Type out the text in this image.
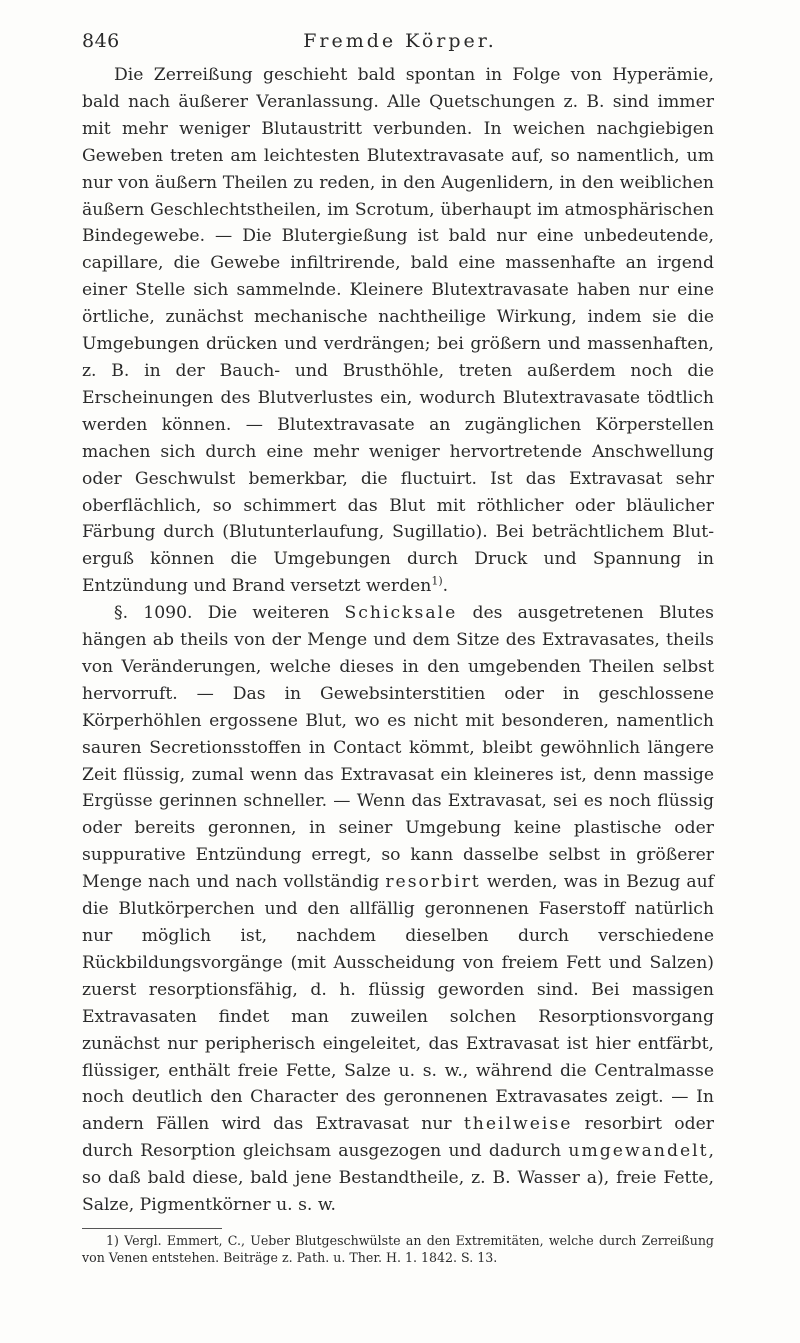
846	Fremde Körper.

Die Zerreißung geschieht bald spontan in Folge von Hyperämie, bald nach äußerer Veranlassung. Alle Quetschungen z. B. sind immer mit mehr weniger Blutaustritt verbunden. In weichen nachgiebigen Geweben treten am leichtesten Blutextravasate auf, so namentlich, um nur von äußern Theilen zu reden, in den Augenlidern, in den weiblichen äußern Geschlechtstheilen, im Scrotum, überhaupt im atmosphärischen Bindegewebe. — Die Blutergießung ist bald nur eine unbedeutende, capillare, die Gewebe infiltrirende, bald eine massenhafte an irgend einer Stelle sich sammelnde. Kleinere Blutextravasate haben nur eine örtliche, zunächst mechanische nachtheilige Wirkung, indem sie die Umgebungen drücken und verdrängen; bei größern und massenhaften, z. B. in der Bauch- und Brusthöhle, treten außerdem noch die Erscheinungen des Blutverlustes ein, wodurch Blutextravasate tödtlich werden können. — Blutextravasate an zugänglichen Körperstellen machen sich durch eine mehr weniger hervortretende Anschwellung oder Geschwulst bemerkbar, die fluctuirt. Ist das Extravasat sehr oberflächlich, so schimmert das Blut mit röthlicher oder bläulicher Färbung durch (Blutunterlaufung, Sugillatio). Bei beträchtlichem Bluterguß können die Umgebungen durch Druck und Spannung in Entzündung und Brand versetzt werden$^{1)}$.

§. 1090. Die weiteren Schicksale des ausgetretenen Blutes hängen ab theils von der Menge und dem Sitze des Extravasates, theils von Veränderungen, welche dieses in den umgebenden Theilen selbst hervorruft. — Das in Gewebsinterstitien oder in geschlossene Körperhöhlen ergossene Blut, wo es nicht mit besonderen, namentlich sauren Secretionsstoffen in Contact kömmt, bleibt gewöhnlich längere Zeit flüssig, zumal wenn das Extravasat ein kleineres ist, denn massige Ergüsse gerinnen schneller. — Wenn das Extravasat, sei es noch flüssig oder bereits geronnen, in seiner Umgebung keine plastische oder suppurative Entzündung erregt, so kann dasselbe selbst in größerer Menge nach und nach vollständig resorbirt werden, was in Bezug auf die Blutkörperchen und den allfällig geronnenen Faserstoff natürlich nur möglich ist, nachdem dieselben durch verschiedene Rückbildungsvorgänge (mit Ausscheidung von freiem Fett und Salzen) zuerst resorptionsfähig, d. h. flüssig geworden sind. Bei massigen Extravasaten findet man zuweilen solchen Resorptionsvorgang zunächst nur peripherisch eingeleitet, das Extravasat ist hier entfärbt, flüssiger, enthält freie Fette, Salze u. s. w., während die Centralmasse noch deutlich den Character des geronnenen Extravasates zeigt. — In andern Fällen wird das Extravasat nur theilweise resorbirt oder durch Resorption gleichsam ausgezogen und dadurch umgewandelt, so daß bald diese, bald jene Bestandtheile, z. B. Wasser a), freie Fette, Salze, Pigmentkörner u. s. w.

1) Vergl. Emmert, C., Ueber Blutgeschwülste an den Extremitäten, welche durch Zerreißung von Venen entstehen. Beiträge z. Path. u. Ther. H. 1. 1842. S. 13.
